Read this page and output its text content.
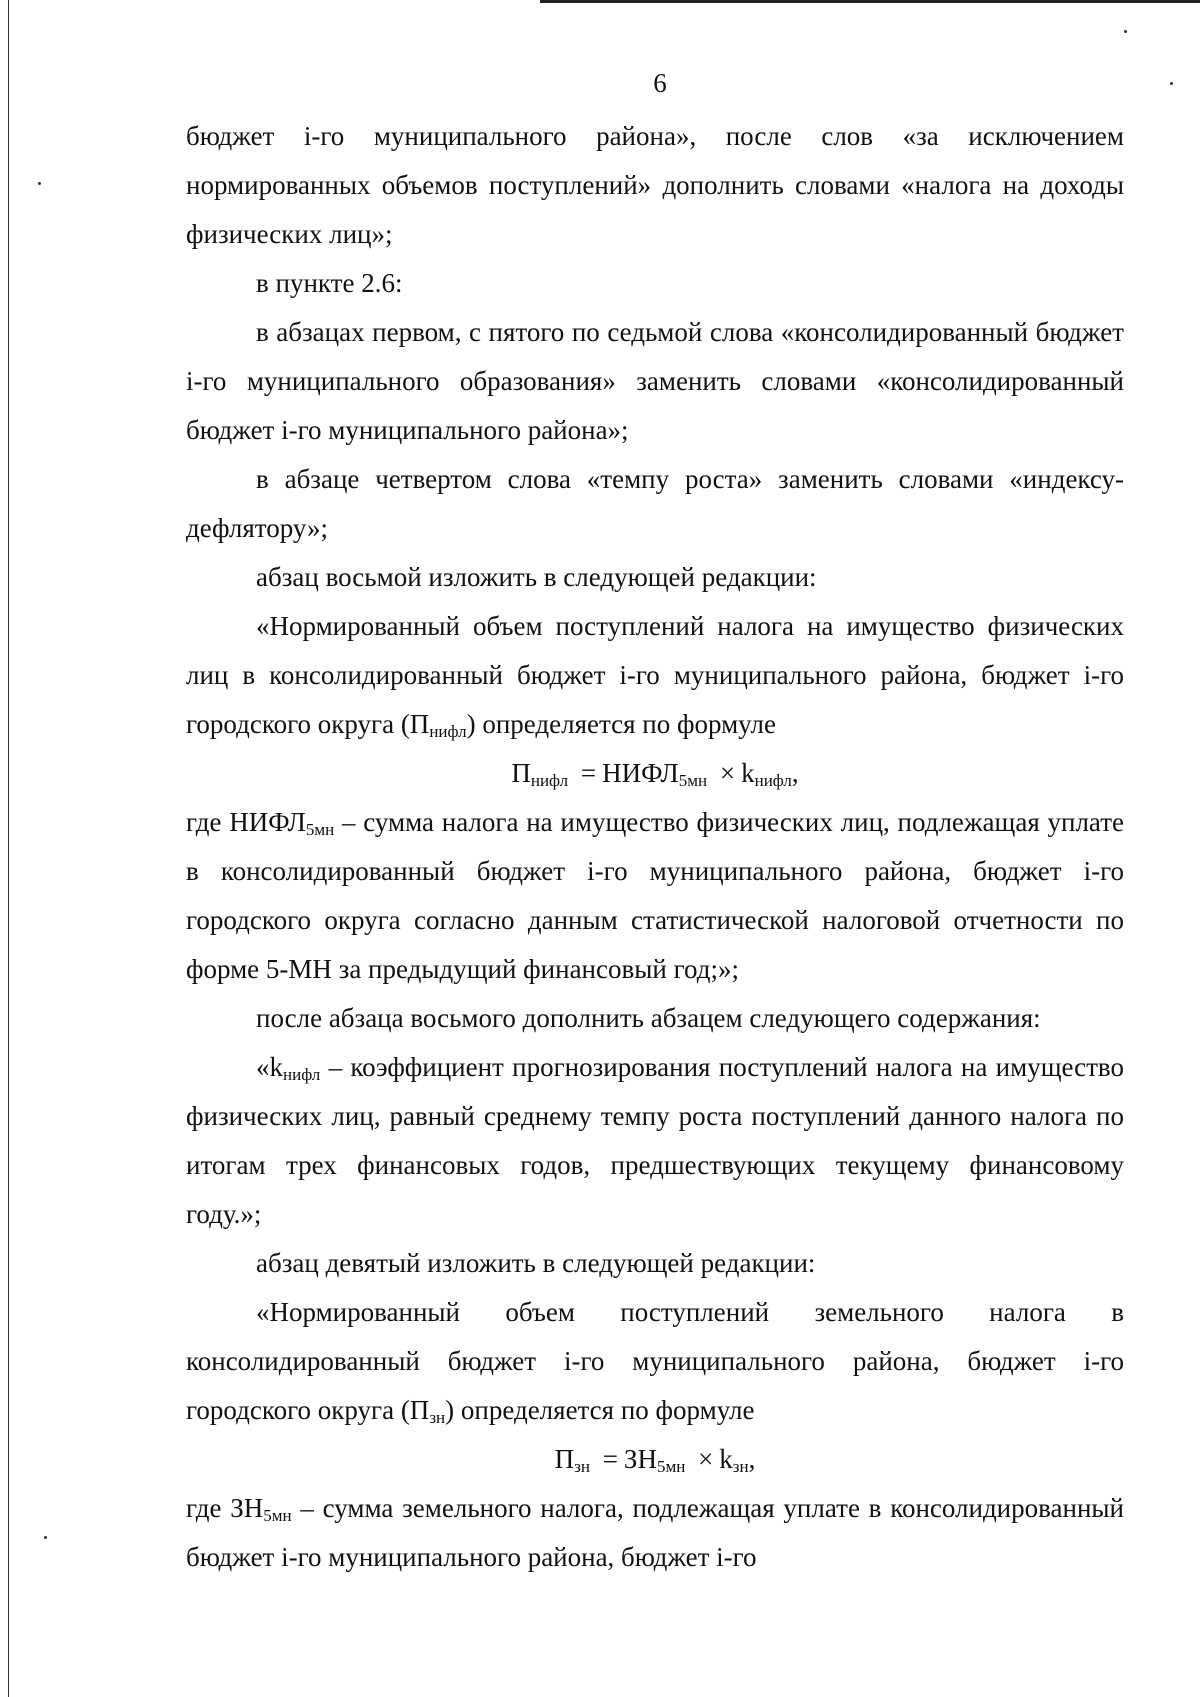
6

бюджет i-го муниципального района», после слов «за исключением нормированных объемов поступлений» дополнить словами «налога на доходы физических лиц»;

в пункте 2.6:

в абзацах первом, с пятого по седьмой слова «консолидированный бюджет i-го муниципального образования» заменить словами «консолидированный бюджет i-го муниципального района»;

в абзаце четвертом слова «темпу роста» заменить словами «индексу-дефлятору»;

абзац восьмой изложить в следующей редакции:

«Нормированный объем поступлений налога на имущество физических лиц в консолидированный бюджет i-го муниципального района, бюджет i-го городского округа $(П_{нифл})$ определяется по формуле

$П_{нифл}$ = $НИФЛ_{5мн} \times k_{нифл}$,

где $НИФЛ_{5мн}$ – сумма налога на имущество физических лиц, подлежащая уплате в консолидированный бюджет i-го муниципального района, бюджет i-го городского округа согласно данным статистической налоговой отчетности по форме 5-МН за предыдущий финансовый год;»;

после абзаца восьмого дополнить абзацем следующего содержания:

«$k_{нифл}$ – коэффициент прогнозирования поступлений налога на имущество физических лиц, равный среднему темпу роста поступлений данного налога по итогам трех финансовых годов, предшествующих текущему финансовому году.»;

абзац девятый изложить в следующей редакции:

«Нормированный объем поступлений земельного налога в консолидированный бюджет i-го муниципального района, бюджет i-го городского округа $(П_{зн})$ определяется по формуле

$П_{зн} = ЗН_{5мн} \times k_{зн}$,

где $ЗН_{5мн}$ – сумма земельного налога, подлежащая уплате в консолидированный бюджет i-го муниципального района, бюджет i-го
